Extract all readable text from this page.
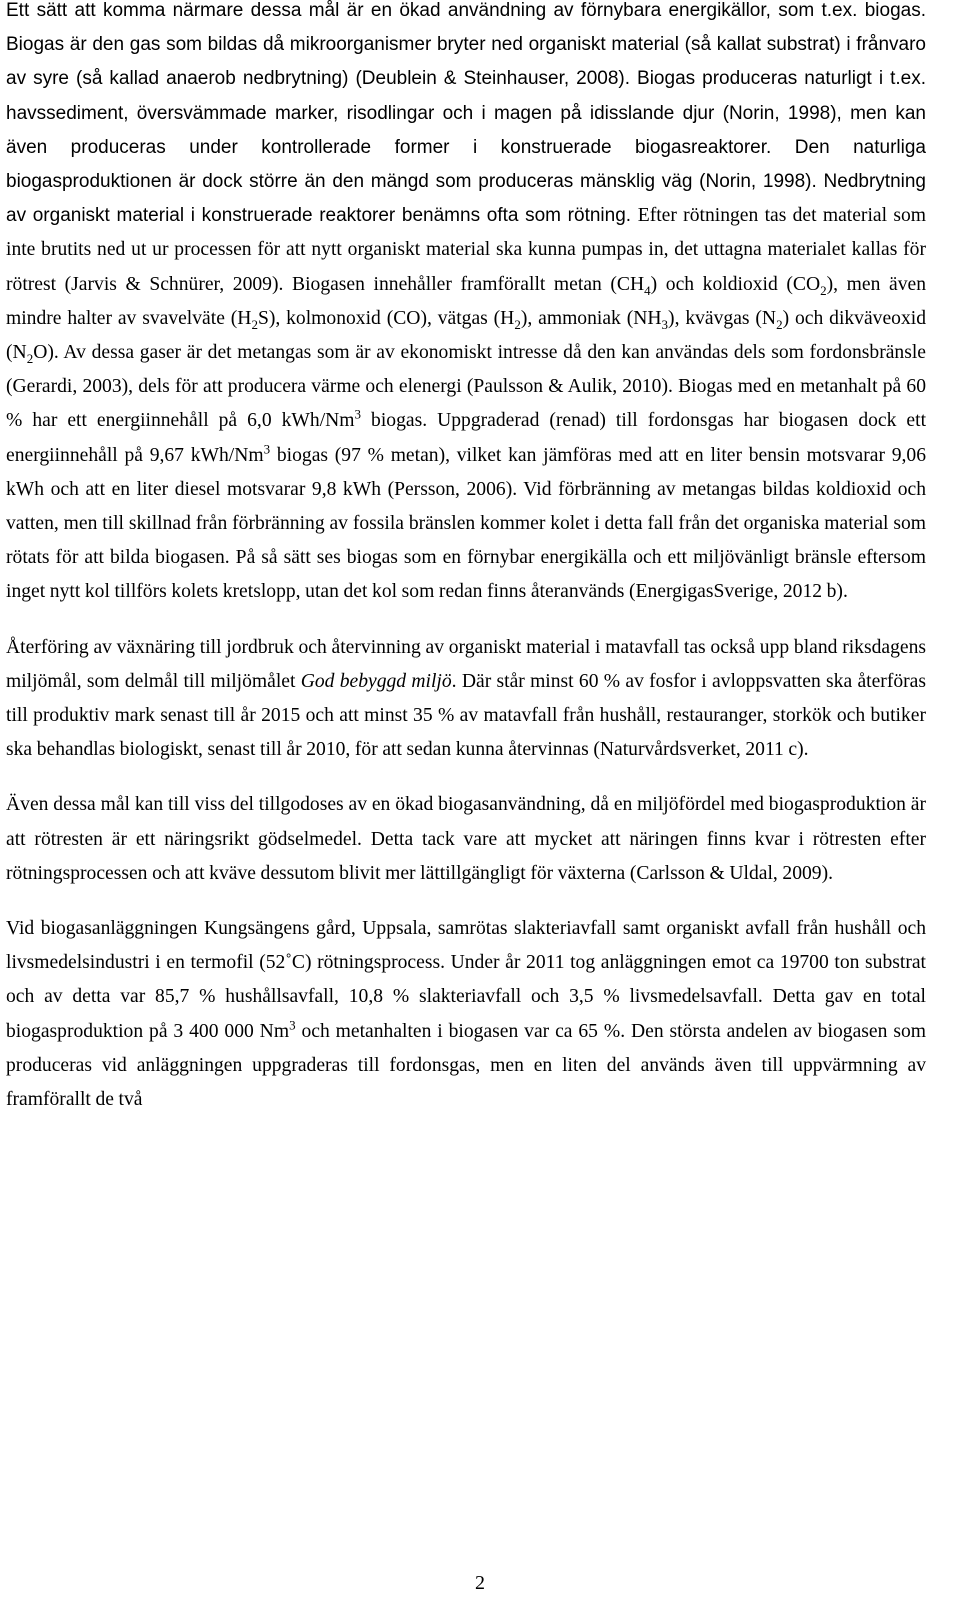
Ett sätt att komma närmare dessa mål är en ökad användning av förnybara energikällor, som t.ex. biogas. Biogas är den gas som bildas då mikroorganismer bryter ned organiskt material (så kallat substrat) i frånvaro av syre (så kallad anaerob nedbrytning) (Deublein & Steinhauser, 2008). Biogas produceras naturligt i t.ex. havssediment, översvämmade marker, risodlingar och i magen på idisslande djur (Norin, 1998), men kan även produceras under kontrollerade former i konstruerade biogasreaktorer. Den naturliga biogasproduktionen är dock större än den mängd som produceras mänsklig väg (Norin, 1998). Nedbrytning av organiskt material i konstruerade reaktorer benämns ofta som rötning. Efter rötningen tas det material som inte brutits ned ut ur processen för att nytt organiskt material ska kunna pumpas in, det uttagna materialet kallas för rötrest (Jarvis & Schnürer, 2009). Biogasen innehåller framförallt metan $(CH_4)$ och koldioxid $(CO_2)$, men även mindre halter av svavelväte $(H_2S)$, kolmonoxid (CO), vätgas $(H_2)$, ammoniak $(NH_3)$, kvävgas $(N_2)$ och dikväveoxid $(N_2O)$. Av dessa gaser är det metangas som är av ekonomiskt intresse då den kan användas dels som fordonsbränsle (Gerardi, 2003), dels för att producera värme och elenergi (Paulsson & Aulik, 2010). Biogas med en metanhalt på 60 % har ett energiinnehåll på 6,0 kWh/Nm$^3$ biogas. Uppgraderad (renad) till fordonsgas har biogasen dock ett energiinnehåll på 9,67 kWh/Nm$^3$ biogas (97 % metan), vilket kan jämföras med att en liter bensin motsvarar 9,06 kWh och att en liter diesel motsvarar 9,8 kWh (Persson, 2006). Vid förbränning av metangas bildas koldioxid och vatten, men till skillnad från förbränning av fossila bränslen kommer kolet i detta fall från det organiska material som rötats för att bilda biogasen. På så sätt ses biogas som en förnybar energikälla och ett miljövänligt bränsle eftersom inget nytt kol tillförs kolets kretslopp, utan det kol som redan finns återanvänds (EnergigasSverige, 2012 b).

Återföring av växnäring till jordbruk och återvinning av organiskt material i matavfall tas också upp bland riksdagens miljömål, som delmål till miljömålet God bebyggd miljö. Där står minst 60 % av fosfor i avloppsvatten ska återföras till produktiv mark senast till år 2015 och att minst 35 % av matavfall från hushåll, restauranger, storkök och butiker ska behandlas biologiskt, senast till år 2010, för att sedan kunna återvinnas (Naturvårdsverket, 2011 c).

Även dessa mål kan till viss del tillgodoses av en ökad biogasanvändning, då en miljöfördel med biogasproduktion är att rötresten är ett näringsrikt gödselmedel. Detta tack vare att mycket att näringen finns kvar i rötresten efter rötningsprocessen och att kväve dessutom blivit mer lättillgängligt för växterna (Carlsson & Uldal, 2009).

Vid biogasanläggningen Kungsängens gård, Uppsala, samrötas slakteriavfall samt organiskt avfall från hushåll och livsmedelsindustri i en termofil (52˚C) rötningsprocess. Under år 2011 tog anläggningen emot ca 19700 ton substrat och av detta var 85,7 % hushållsavfall, 10,8 % slakteriavfall och 3,5 % livsmedelsavfall. Detta gav en total biogasproduktion på 3 400 000 Nm$^3$ och metanhalten i biogasen var ca 65 %. Den största andelen av biogasen som produceras vid anläggningen uppgraderas till fordonsgas, men en liten del används även till uppvärmning av framförallt de två

2
